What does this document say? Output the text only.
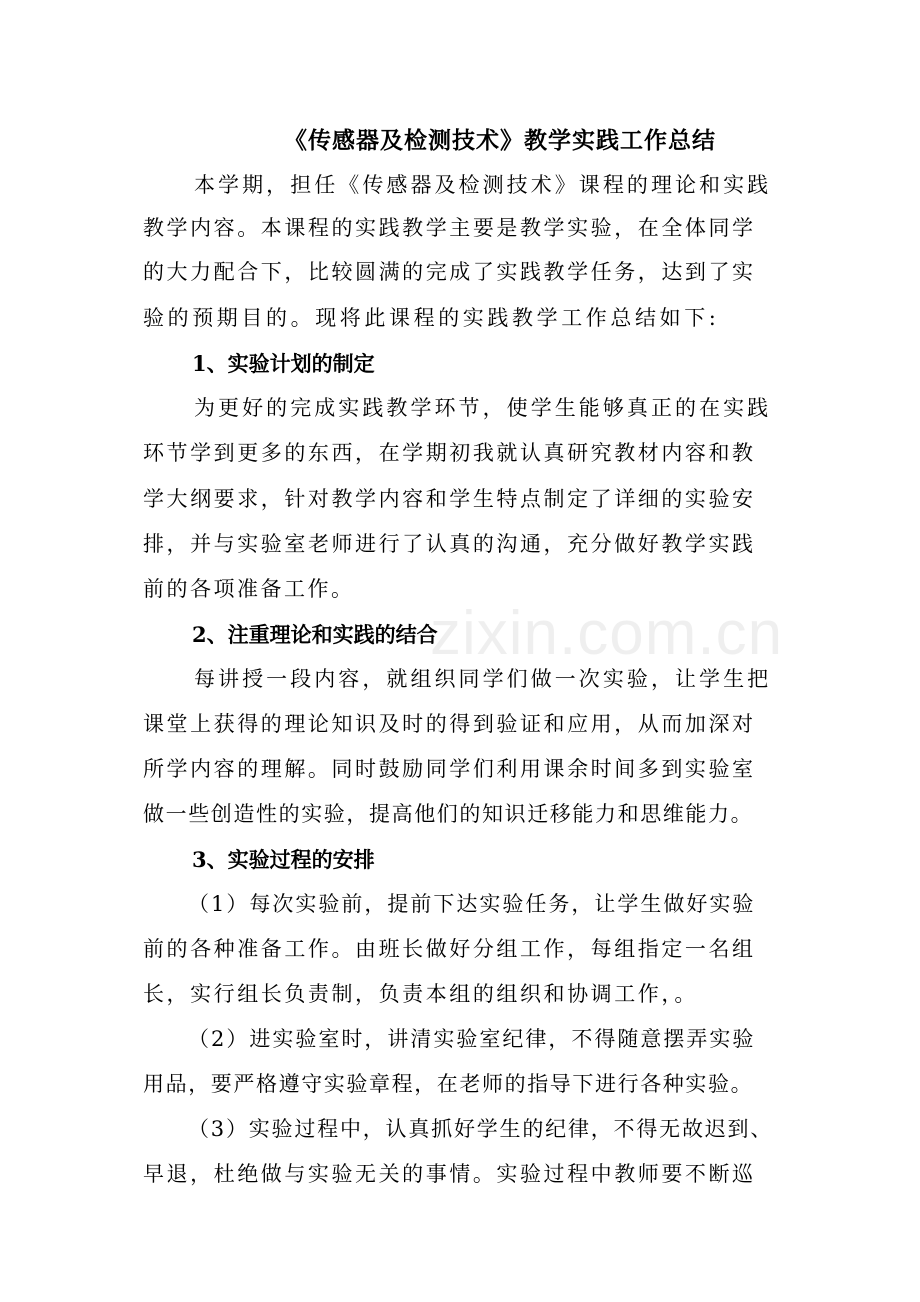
zixin.com.cn
《传感器及检测技术》教学实践工作总结
本学期，担任《传感器及检测技术》课程的理论和实践
教学内容。本课程的实践教学主要是教学实验，在全体同学
的大力配合下，比较圆满的完成了实践教学任务，达到了实
验的预期目的。现将此课程的实践教学工作总结如下:
1、实验计划的制定
为更好的完成实践教学环节，使学生能够真正的在实践
环节学到更多的东西，在学期初我就认真研究教材内容和教
学大纲要求，针对教学内容和学生特点制定了详细的实验安
排，并与实验室老师进行了认真的沟通，充分做好教学实践
前的各项准备工作。
2、注重理论和实践的结合
每讲授一段内容，就组织同学们做一次实验，让学生把
课堂上获得的理论知识及时的得到验证和应用，从而加深对
所学内容的理解。同时鼓励同学们利用课余时间多到实验室
做一些创造性的实验，提高他们的知识迁移能力和思维能力。
3、实验过程的安排
（1）每次实验前，提前下达实验任务，让学生做好实验
前的各种准备工作。由班长做好分组工作，每组指定一名组
长，实行组长负责制，负责本组的组织和协调工作，。
（2）进实验室时，讲清实验室纪律，不得随意摆弄实验
用品，要严格遵守实验章程，在老师的指导下进行各种实验。
（3）实验过程中，认真抓好学生的纪律，不得无故迟到、
早退，杜绝做与实验无关的事情。实验过程中教师要不断巡
